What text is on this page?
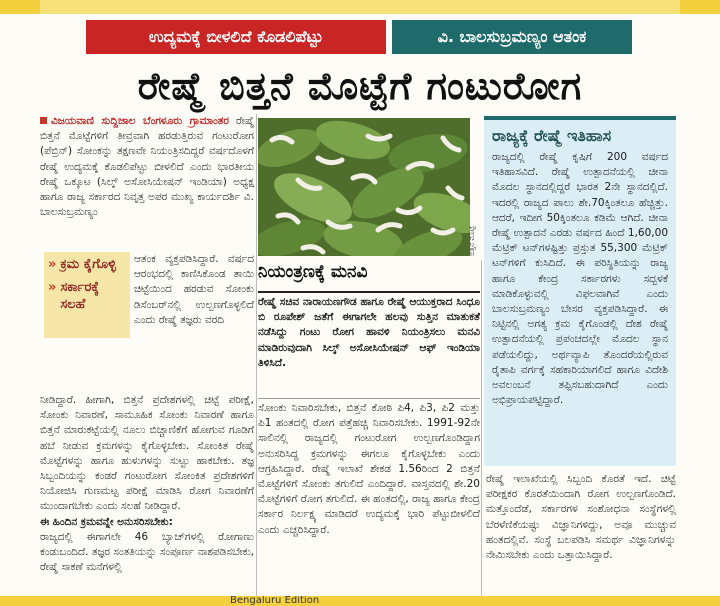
ಉದ್ಯಮಕ್ಕೆ ಬೀಳಲಿದೆ ಕೊಡಲಿಪೆಟ್ಟು	ವಿ. ಬಾಲಸುಬ್ರಮಣ್ಯಂ ಆತಂಕ
ರೇಷ್ಮೆ ಬಿತ್ತನೆ ಮೊಟ್ಟೆಗೆ ಗಂಟುರೋಗ
ವಿಜಯವಾಣಿ ಸುದ್ದಿಜಾಲ ಬೆಂಗಳೂರು ಗ್ರಾಮಾಂತರ ರೇಷ್ಮೆ ಬಿತ್ತನೆ ಮೊಟ್ಟೆಗಳಿಗೆ ತೀವ್ರವಾಗಿ ಹರಡುತ್ತಿರುವ ಗಂಟುರೋಗ (ಪೆಬ್ರಿನ್) ಸೋಂಕನ್ನು ತಕ್ಷಣವೇ ನಿಯಂತ್ರಿಸದಿದ್ದರೆ ವರ್ಷದೊಳಗೆ ರೇಷ್ಮೆ ಉದ್ಯಮಕ್ಕೆ ಕೊಡಲಿಪೆಟ್ಟು ಬೀಳಲಿದೆ ಎಂದು ಭಾರತೀಯ ರೇಷ್ಮೆ ಒಕ್ಕೂಟ (ಸಿಲ್ಕ್ ಅಸೋಸಿಯೇಷನ್ ಇಂಡಿಯಾ) ಅಧ್ಯಕ್ಷ ಹಾಗೂ ರಾಜ್ಯ ಸರ್ಕಾರದ ನಿವೃತ್ತ ಅಪರ ಮುಖ್ಯ ಕಾರ್ಯದರ್ಶಿ ವಿ. ಬಾಲಸುಬ್ರಮಣ್ಯಂ
» ಕ್ರಮ ಕೈಗೊಳ್ಳಿ
» ಸರ್ಕಾರಕ್ಕೆ ಸಲಹೆ
ಆತಂಕ ವ್ಯಕ್ತಪಡಿಸಿದ್ದಾರೆ. ವರ್ಷದ ಆರಂಭದಲ್ಲಿ ಕಾಣಿಸಿಕೊಂಡ ತಾಯಿ ಚಿಟ್ಟೆಯಿಂದ ಹರಡುವ ಸೋಂಕು ಡಿಸೆಂಬರ್‌ನಲ್ಲಿ ಉಲ್ಬಣಗೊಳ್ಳಲಿದೆ ಎಂದು ರೇಷ್ಮೆ ತಜ್ಞರು ವರದಿ
ನೀಡಿದ್ದಾರೆ. ಹೀಗಾಗಿ, ಬಿತ್ತನೆ ಪ್ರದೇಶಗಳಲ್ಲಿ ಚಿಟ್ಟೆ ಪರೀಕ್ಷೆ, ಸೋಂಕು ನಿವಾರಣೆ, ಸಾಮೂಹಿಕ ಸೋಂಕು ನಿವಾರಣೆ ಹಾಗೂ ಬಿತ್ತನೆ ಮಾರುಕಟ್ಟೆಯಲ್ಲಿ ನೂಲು ಬಿಚ್ಚಾಣಿಕೆಗೆ ಹೋಗುವ ಗೂಡಿಗೆ ಹಬೆ ನೀಡುವ ಕ್ರಮಗಳನ್ನು ಕೈಗೊಳ್ಳಬೇಕು. ಸೋಂಕಿತ ರೇಷ್ಮೆ ಮೊಟ್ಟೆಗಳನ್ನು ಹಾಗೂ ಹುಳುಗಳನ್ನು ಸುಟ್ಟು ಹಾಕಬೇಕು. ತಜ್ಞ ಸಿಬ್ಬಂದಿಯನ್ನು ಕಂಡರೆ ಗಂಟುರೋಗ ಸೋಂಕಿತ ಪ್ರದೇಶಗಳಿಗೆ ನಿಯೋಜಿಸಿ ಗುಣಮಟ್ಟ ಪರೀಕ್ಷೆ ಮಾಡಿಸಿ ರೋಗ ನಿವಾರಣೆಗೆ ಮುಂದಾಗಬೇಕು ಎಂದು ಸಲಹೆ ನೀಡಿದ್ದಾರೆ.
ಈ ಹಿಂದಿನ ಕ್ರಮವನ್ನೇ ಅನುಸರಿಸಬೇಕು:
ರಾಜ್ಯದಲ್ಲಿ ಈಗಾಗಲೇ 46 ಬ್ಯಾಚ್‌ಗಳಲ್ಲಿ ರೋಗಾಣು ಕಂಡುಬಂದಿದೆ. ತಜ್ಞರ ಸಂತತಿಯನ್ನು ಸಂಪೂರ್ಣ ನಾಶಪಡಿಸಬೇಕು, ರೇಷ್ಮೆ ಸಾಕಣೆ ಮನೆಗಳಲ್ಲಿ
ಬಿತ್ತನೆ ಮೊಟ್ಟೆ
ನಿಯಂತ್ರಣಕ್ಕೆ ಮನವಿ
ರೇಷ್ಮೆ ಸಚಿವ ನಾರಾಯಣಗೌಡ ಹಾಗೂ ರೇಷ್ಮೆ ಆಯುಕ್ತರಾದ ಸಿಂಧೂ ಬಿ ರೂಪೇಶ್ ಜತೆಗೆ ಈಗಾಗಲೇ ಹಲವು ಸುತ್ತಿನ ಮಾತುಕತೆ ನಡೆಸಿದ್ದು ಗಂಟು ರೋಗ ಹಾವಳಿ ನಿಯಂತ್ರಿಸಲು ಮನವಿ ಮಾಡಿರುವುದಾಗಿ ಸಿಲ್ಕ್ ಅಸೋಸಿಯೇಷನ್ ಆಫ್ ಇಂಡಿಯಾ ತಿಳಿಸಿದೆ.
ಸೋಂಕು ನಿವಾರಿಸಬೇಕು, ಬಿತ್ತನೆ ಕೋಠಿ ಪಿ4, ಪಿ3, ಪಿ2 ಮತ್ತು ಪಿ1 ಹಂತದಲ್ಲಿ ರೋಗ ಪತ್ತೆಹಚ್ಚಿ ನಿವಾರಿಸಬೇಕು. 1991-92ನೇ ಸಾಲಿನಲ್ಲಿ ರಾಜ್ಯದಲ್ಲಿ ಗಂಟುರೋಗ ಉಲ್ಬಣಗೊಂಡಿದ್ದಾಗ ಅನುಸರಿಸಿದ್ದ ಕ್ರಮಗಳನ್ನು ಈಗಲೂ ಕೈಗೊಳ್ಳಬೇಕು ಎಂದು ಆಗ್ರಹಿಸಿದ್ದಾರೆ. ರೇಷ್ಮೆ ಇಲಾಖೆ ಶೇಕಡ 1.56ರಿಂದ 2 ಬಿತ್ತನೆ ಮೊಟ್ಟೆಗಳಿಗೆ ಸೋಂಕು ತಗುಲಿದೆ ಎಂದಿದ್ದಾರೆ. ವಾಸ್ತವದಲ್ಲಿ ಶೇ.20 ಮೊಟ್ಟೆಗಳಿಗೆ ರೋಗ ತಗುಲಿದೆ. ಈ ಹಂತದಲ್ಲಿ, ರಾಜ್ಯ ಹಾಗೂ ಕೇಂದ್ರ ಸರ್ಕಾರ ನಿರ್ಲಕ್ಷ್ಯ ಮಾಡಿದರೆ ಉದ್ಯಮಕ್ಕೆ ಭಾರಿ ಪೆಟ್ಟುಬೀಳಲಿದೆ ಎಂದು ಎಚ್ಚರಿಸಿದ್ದಾರೆ.
ರಾಜ್ಯಕ್ಕೆ ರೇಷ್ಮೆ ಇತಿಹಾಸ
ರಾಜ್ಯದಲ್ಲಿ ರೇಷ್ಮೆ ಕೃಷಿಗೆ 200 ವರ್ಷದ ಇತಿಹಾಸವಿದೆ. ರೇಷ್ಮೆ ಉತ್ಪಾದನೆಯಲ್ಲಿ ಚೀನಾ ಮೊದಲ ಸ್ಥಾನದಲ್ಲಿದ್ದರೆ ಭಾರತ 2ನೇ ಸ್ಥಾನದಲ್ಲಿದೆ. ಇದರಲ್ಲಿ ರಾಜ್ಯದ ಪಾಲು ಶೇ.70ಕ್ಕಿಂತಲೂ ಹೆಚ್ಚಿತ್ತು. ಆದರೆ, ಇದೀಗ 50ಕ್ಕಿಂತಲೂ ಕಡಿಮೆ ಆಗಿದೆ. ಚೀನಾ ರೇಷ್ಮೆ ಉತ್ಪಾದನೆ ಎರಡು ವರ್ಷದ ಹಿಂದೆ 1,60,00 ಮೆಟ್ರಿಕ್ ಟನ್‌ಗಳಷ್ಟಿತ್ತು ಪ್ರಸ್ತುತ 55,300 ಮೆಟ್ರಿಕ್ ಟನ್‌ಗಳಿಗೆ ಕುಸಿದಿದೆ. ಈ ಪರಿಸ್ಥಿತಿಯನ್ನು ರಾಜ್ಯ ಹಾಗೂ ಕೇಂದ್ರ ಸರ್ಕಾರಗಳು ಸದ್ಬಳಕೆ ಮಾಡಿಕೊಳ್ಳುವಲ್ಲಿ ವಿಫಲವಾಗಿವೆ ಎಂದು ಬಾಲಸುಬ್ರಮಣ್ಯಂ ಬೇಸರ ವ್ಯಕ್ತಪಡಿಸಿದ್ದಾರೆ. ಈ ನಿಟ್ಟಿನಲ್ಲಿ ಅಗತ್ಯ ಕ್ರಮ ಕೈಗೊಂಡಲ್ಲಿ ದೇಶ ರೇಷ್ಮೆ ಉತ್ಪಾದನೆಯಲ್ಲಿ ಪ್ರಪಂಚದಲ್ಲೇ ಮೊದಲ ಸ್ಥಾನ ಪಡೆಯಲಿದ್ದು, ಅರ್ಥವ್ಯಾಪಿ ತೊಂದರೆಯಲ್ಲಿರುವ ರೈತಾಪಿ ವರ್ಗಕ್ಕೆ ಸಹಕಾರಿಯಾಗಲಿದೆ ಹಾಗೂ ವಿದೇಶಿ ಅವಲಂಬನೆ ತಪ್ಪಿಸಬಹುದಾಗಿದೆ ಎಂದು ಅಭಿಪ್ರಾಯಪಟ್ಟಿದ್ದಾರೆ.
ರೇಷ್ಮೆ ಇಲಾಖೆಯಲ್ಲಿ ಸಿಬ್ಬಂದಿ ಕೊರತೆ ಇದೆ. ಚಿಟ್ಟೆ ಪರೀಕ್ಷಕರ ಕೊರತೆಯಿಂದಾಗಿ ರೋಗ ಉಲ್ಬಣಗೊಂಡಿದೆ. ಮತ್ತೊಂದೆಡೆ, ಸರ್ಕಾರಗಳ ಸಂಶೋಧನಾ ಸಂಸ್ಥೆಗಳಲ್ಲಿ ಬೆರಳೆಣಿಕೆಯಷ್ಟು ವಿಜ್ಞಾನಿಗಳಿದ್ದು, ಅವೂ ಮುಚ್ಚುವ ಹಂತದಲ್ಲಿವೆ. ಸಂಸ್ಥೆ ಬಲಪಡಿಸಿ ಸಮರ್ಥ ವಿಜ್ಞಾನಿಗಳನ್ನು ನೇಮಿಸಬೇಕು ಎಂದು ಒತ್ತಾಯಿಸಿದ್ದಾರೆ.
Bengaluru Edition
